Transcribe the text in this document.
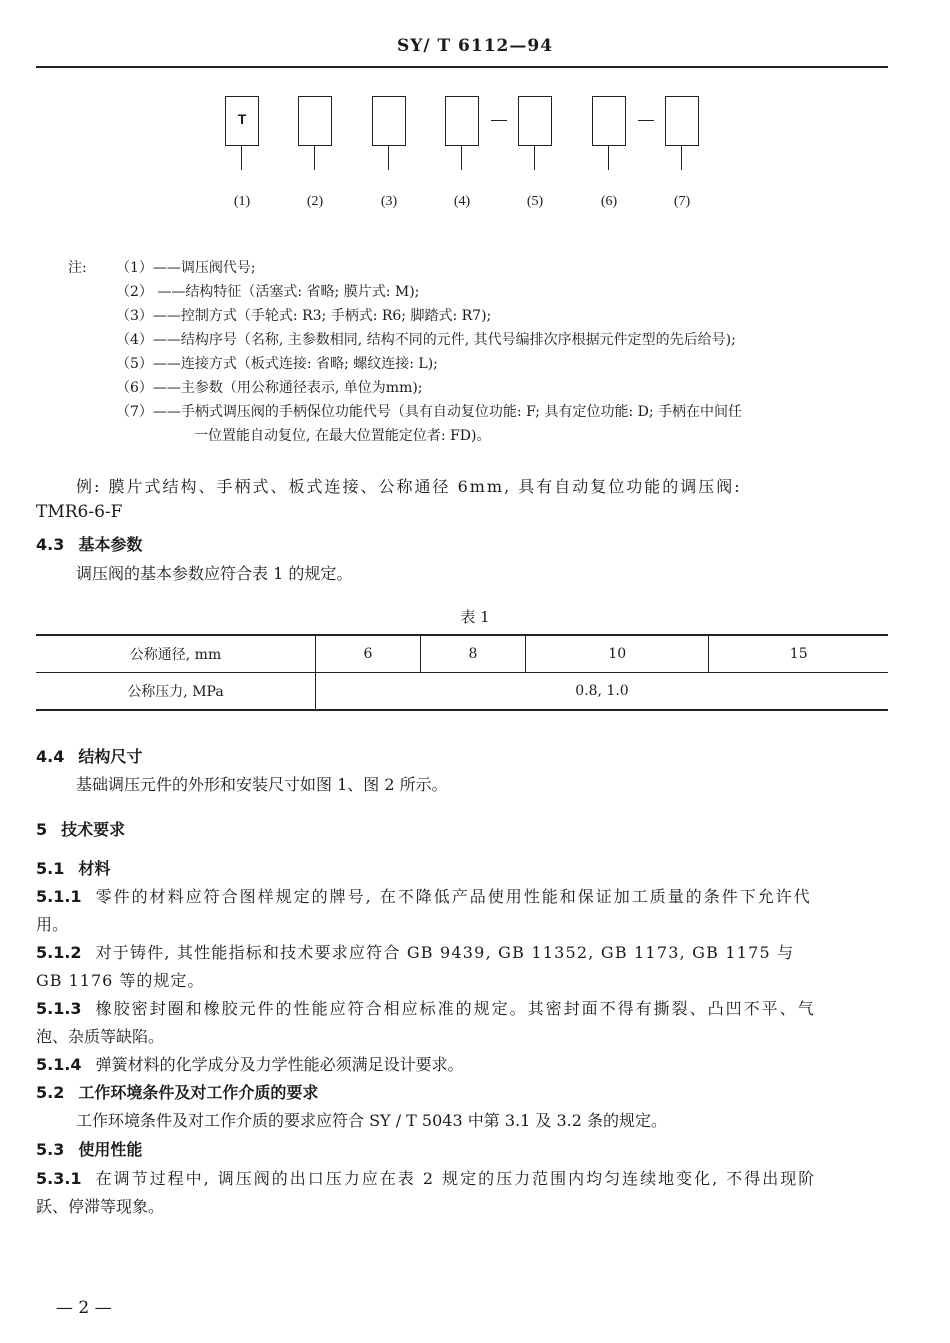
SY/ T 6112—94
T
(1)	(2)	(3)	(4)	(5)	(6)	(7)
注: （1）——调压阀代号;
（2） ——结构特征（活塞式: 省略; 膜片式: M);
（3）——控制方式（手轮式: R3; 手柄式: R6; 脚踏式: R7);
（4）——结构序号（名称, 主参数相同, 结构不同的元件, 其代号编排次序根据元件定型的先后给号);
（5）——连接方式（板式连接: 省略; 螺纹连接: L);
（6）——主参数（用公称通径表示, 单位为mm);
（7）——手柄式调压阀的手柄保位功能代号（具有自动复位功能: F; 具有定位功能: D; 手柄在中间任
一位置能自动复位, 在最大位置能定位者: FD)。
例: 膜片式结构、手柄式、板式连接、公称通径 6mm, 具有自动复位功能的调压阀:
TMR6-6-F
4.3 基本参数
调压阀的基本参数应符合表 1 的规定。
表 1
公称通径, mm	6	8	10	15
公称压力, MPa	0.8, 1.0			
4.4 结构尺寸
基础调压元件的外形和安装尺寸如图 1、图 2 所示。
5 技术要求
5.1 材料
5.1.1 零件的材料应符合图样规定的牌号, 在不降低产品使用性能和保证加工质量的条件下允许代
用。
5.1.2 对于铸件, 其性能指标和技术要求应符合 GB 9439, GB 11352, GB 1173, GB 1175 与
GB 1176 等的规定。
5.1.3 橡胶密封圈和橡胶元件的性能应符合相应标准的规定。其密封面不得有撕裂、凸凹不平、气
泡、杂质等缺陷。
5.1.4 弹簧材料的化学成分及力学性能必须满足设计要求。
5.2 工作环境条件及对工作介质的要求
工作环境条件及对工作介质的要求应符合 SY / T 5043 中第 3.1 及 3.2 条的规定。
5.3 使用性能
5.3.1 在调节过程中, 调压阀的出口压力应在表 2 规定的压力范围内均匀连续地变化, 不得出现阶
跃、停滞等现象。
— 2 —
